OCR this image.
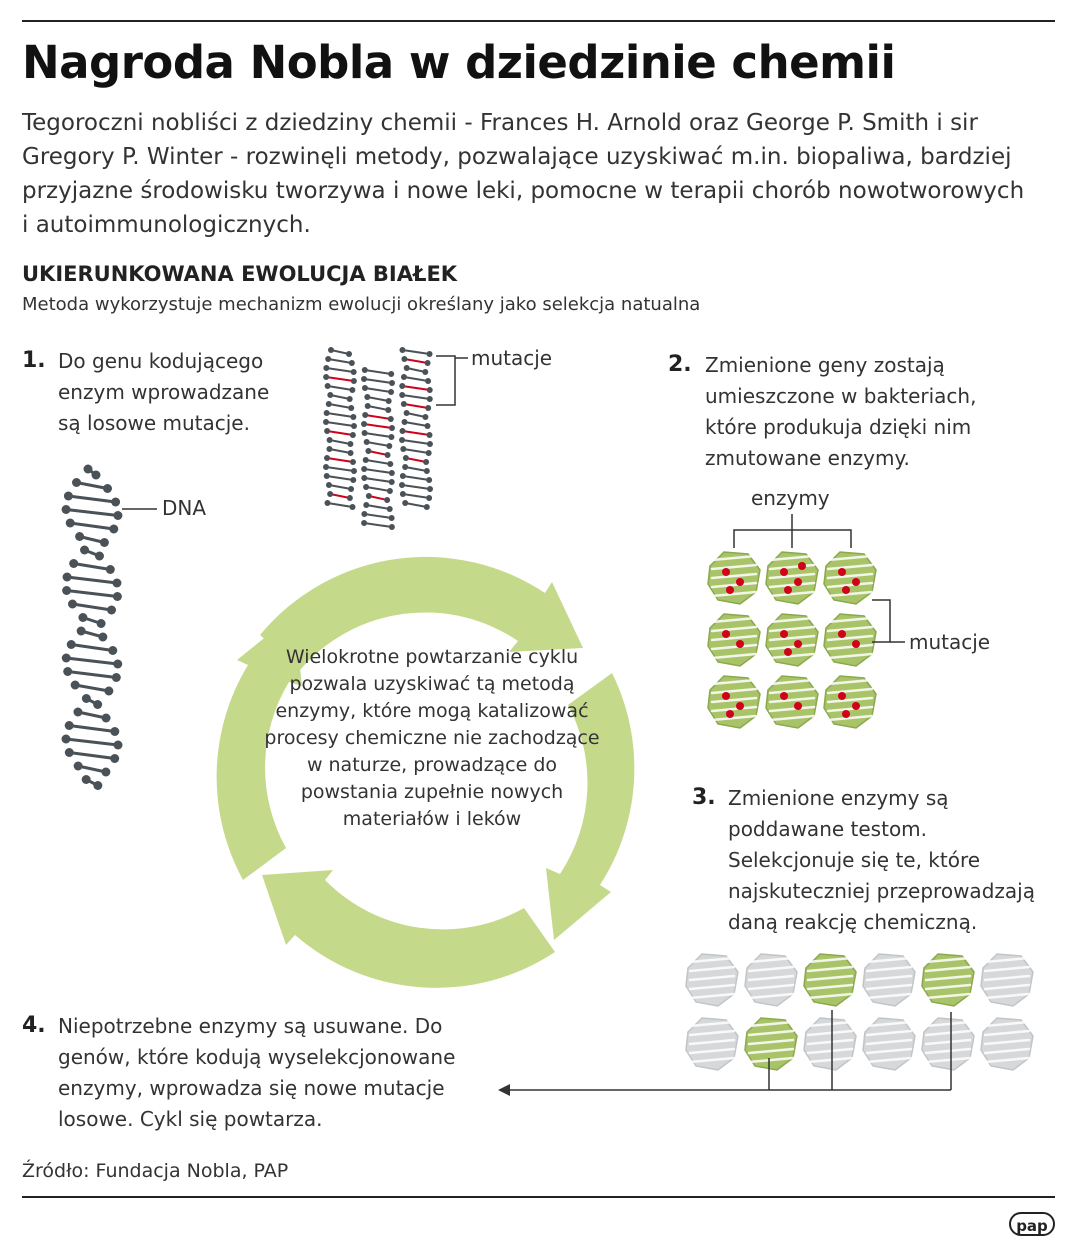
Nagroda Nobla w dziedzinie chemii
Tegoroczni nobliści z dziedziny chemii - Frances H. Arnold oraz George P. Smith i sir Gregory P. Winter - rozwinęli metody, pozwalające uzyskiwać m.in. biopaliwa, bardziej przyjazne środowisku tworzywa i nowe leki, pomocne w terapii chorób nowotworowych i autoimmunologicznych.
UKIERUNKOWANA EWOLUCJA BIAŁEK
Metoda wykorzystuje mechanizm ewolucji określany jako selekcja natualna
1. Do genu kodującego enzym wprowadzane są losowe mutacje.
2. Zmienione geny zostają umieszczone w bakteriach, które produkuja dzięki nim zmutowane enzymy.
3. Zmienione enzymy są poddawane testom. Selekcjonuje się te, które najskuteczniej przeprowadzają daną reakcję chemiczną.
4. Niepotrzebne enzymy są usuwane. Do genów, które kodują wyselekcjonowane enzymy, wprowadza się nowe mutacje losowe. Cykl się powtarza.
DNA
mutacje
enzymy
mutacje
Wielokrotne powtarzanie cyklu pozwala uzyskiwać tą metodą enzymy, które mogą katalizować procesy chemiczne nie zachodzące w naturze, prowadzące do powstania zupełnie nowych materiałów i leków
Źródło: Fundacja Nobla, PAP
pap
